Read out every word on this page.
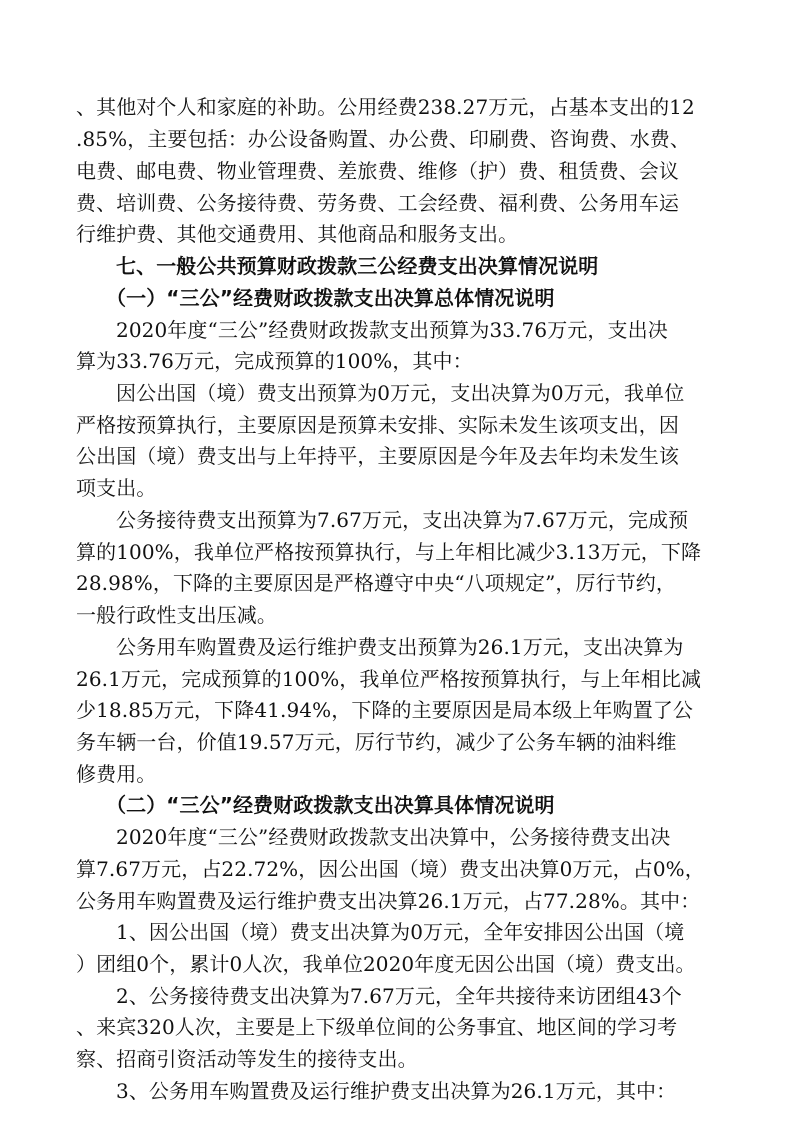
、其他对个人和家庭的补助。公用经费238.27万元，占基本支出的12
.85%，主要包括：办公设备购置、办公费、印刷费、咨询费、水费、
电费、邮电费、物业管理费、差旅费、维修（护）费、租赁费、会议
费、培训费、公务接待费、劳务费、工会经费、福利费、公务用车运
行维护费、其他交通费用、其他商品和服务支出。
七、一般公共预算财政拨款三公经费支出决算情况说明
（一）“三公”经费财政拨款支出决算总体情况说明
2020年度“三公”经费财政拨款支出预算为33.76万元，支出决
算为33.76万元，完成预算的100%，其中：
因公出国（境）费支出预算为0万元，支出决算为0万元，我单位
严格按预算执行，主要原因是预算未安排、实际未发生该项支出，因
公出国（境）费支出与上年持平，主要原因是今年及去年均未发生该
项支出。
公务接待费支出预算为7.67万元，支出决算为7.67万元，完成预
算的100%，我单位严格按预算执行，与上年相比减少3.13万元，下降
28.98%，下降的主要原因是严格遵守中央“八项规定”，厉行节约，
一般行政性支出压减。
公务用车购置费及运行维护费支出预算为26.1万元，支出决算为
26.1万元，完成预算的100%，我单位严格按预算执行，与上年相比减
少18.85万元，下降41.94%，下降的主要原因是局本级上年购置了公
务车辆一台，价值19.57万元，厉行节约，减少了公务车辆的油料维
修费用。
（二）“三公”经费财政拨款支出决算具体情况说明
2020年度“三公”经费财政拨款支出决算中，公务接待费支出决
算7.67万元，占22.72%，因公出国（境）费支出决算0万元，占0%，
公务用车购置费及运行维护费支出决算26.1万元，占77.28%。其中：
1、因公出国（境）费支出决算为0万元，全年安排因公出国（境
）团组0个，累计0人次，我单位2020年度无因公出国（境）费支出。
2、公务接待费支出决算为7.67万元，全年共接待来访团组43个
、来宾320人次，主要是上下级单位间的公务事宜、地区间的学习考
察、招商引资活动等发生的接待支出。
3、公务用车购置费及运行维护费支出决算为26.1万元，其中：
